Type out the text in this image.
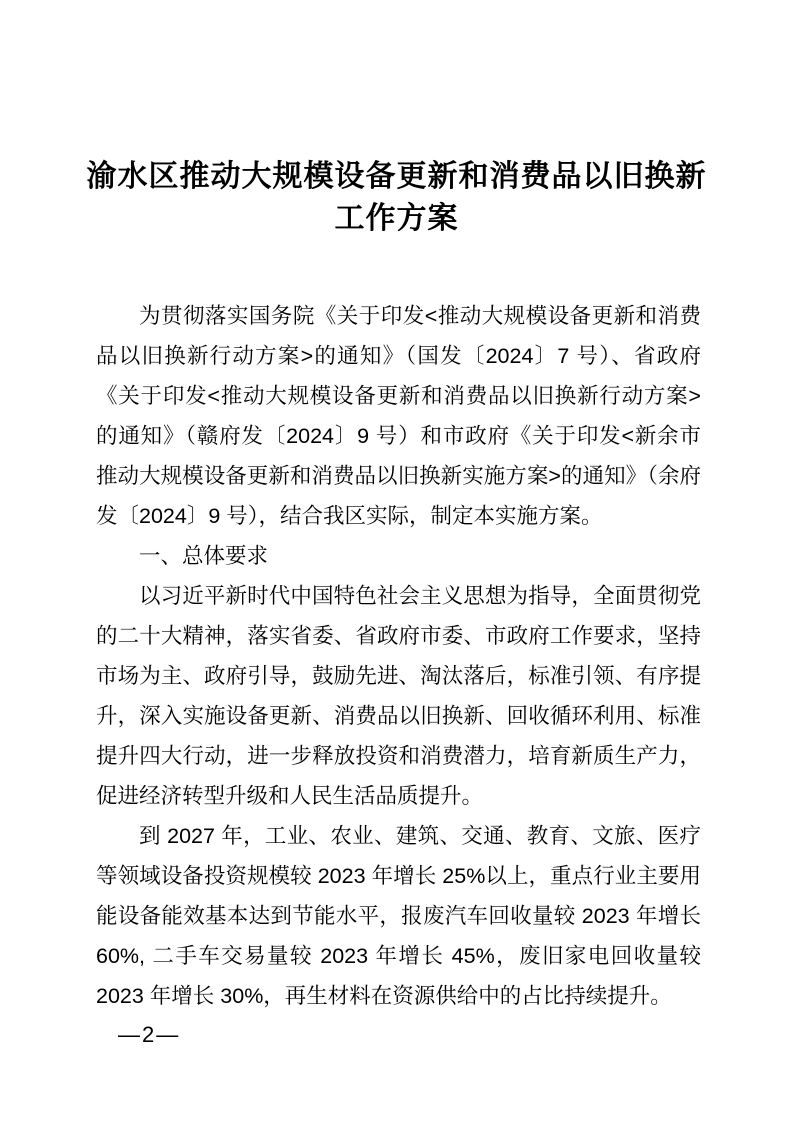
渝水区推动大规模设备更新和消费品以旧换新
工作方案

为贯彻落实国务院《关于印发<推动大规模设备更新和消费品以旧换新行动方案>的通知》（国发〔2024〕7 号）、省政府《关于印发<推动大规模设备更新和消费品以旧换新行动方案>的通知》（赣府发〔2024〕9 号）和市政府《关于印发<新余市推动大规模设备更新和消费品以旧换新实施方案>的通知》（余府发〔2024〕9 号），结合我区实际，制定本实施方案。

一、总体要求

以习近平新时代中国特色社会主义思想为指导，全面贯彻党的二十大精神，落实省委、省政府市委、市政府工作要求，坚持市场为主、政府引导，鼓励先进、淘汰落后，标准引领、有序提升，深入实施设备更新、消费品以旧换新、回收循环利用、标准提升四大行动，进一步释放投资和消费潜力，培育新质生产力，促进经济转型升级和人民生活品质提升。

到 2027 年，工业、农业、建筑、交通、教育、文旅、医疗等领域设备投资规模较 2023 年增长 25%以上，重点行业主要用能设备能效基本达到节能水平，报废汽车回收量较 2023 年增长 60%, 二手车交易量较 2023 年增长 45%，废旧家电回收量较 2023 年增长 30%，再生材料在资源供给中的占比持续提升。

—2—
